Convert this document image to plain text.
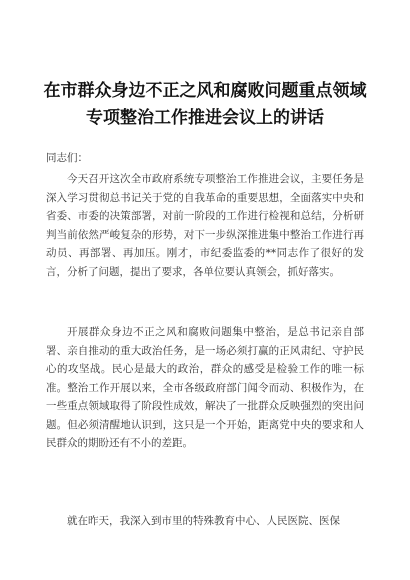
在市群众身边不正之风和腐败问题重点领域专项整治工作推进会议上的讲话

同志们：

今天召开这次全市政府系统专项整治工作推进会议，主要任务是深入学习贯彻总书记关于党的自我革命的重要思想，全面落实中央和省委、市委的决策部署，对前一阶段的工作进行检视和总结，分析研判当前依然严峻复杂的形势，对下一步纵深推进集中整治工作进行再动员、再部署、再加压。刚才，市纪委监委的**同志作了很好的发言，分析了问题，提出了要求，各单位要认真领会，抓好落实。

开展群众身边不正之风和腐败问题集中整治，是总书记亲自部署、亲自推动的重大政治任务，是一场必须打赢的正风肃纪、守护民心的攻坚战。民心是最大的政治，群众的感受是检验工作的唯一标准。整治工作开展以来，全市各级政府部门闻令而动、积极作为，在一些重点领域取得了阶段性成效，解决了一批群众反映强烈的突出问题。但必须清醒地认识到，这只是一个开始，距离党中央的要求和人民群众的期盼还有不小的差距。

就在昨天，我深入到市里的特殊教育中心、人民医院、医保
